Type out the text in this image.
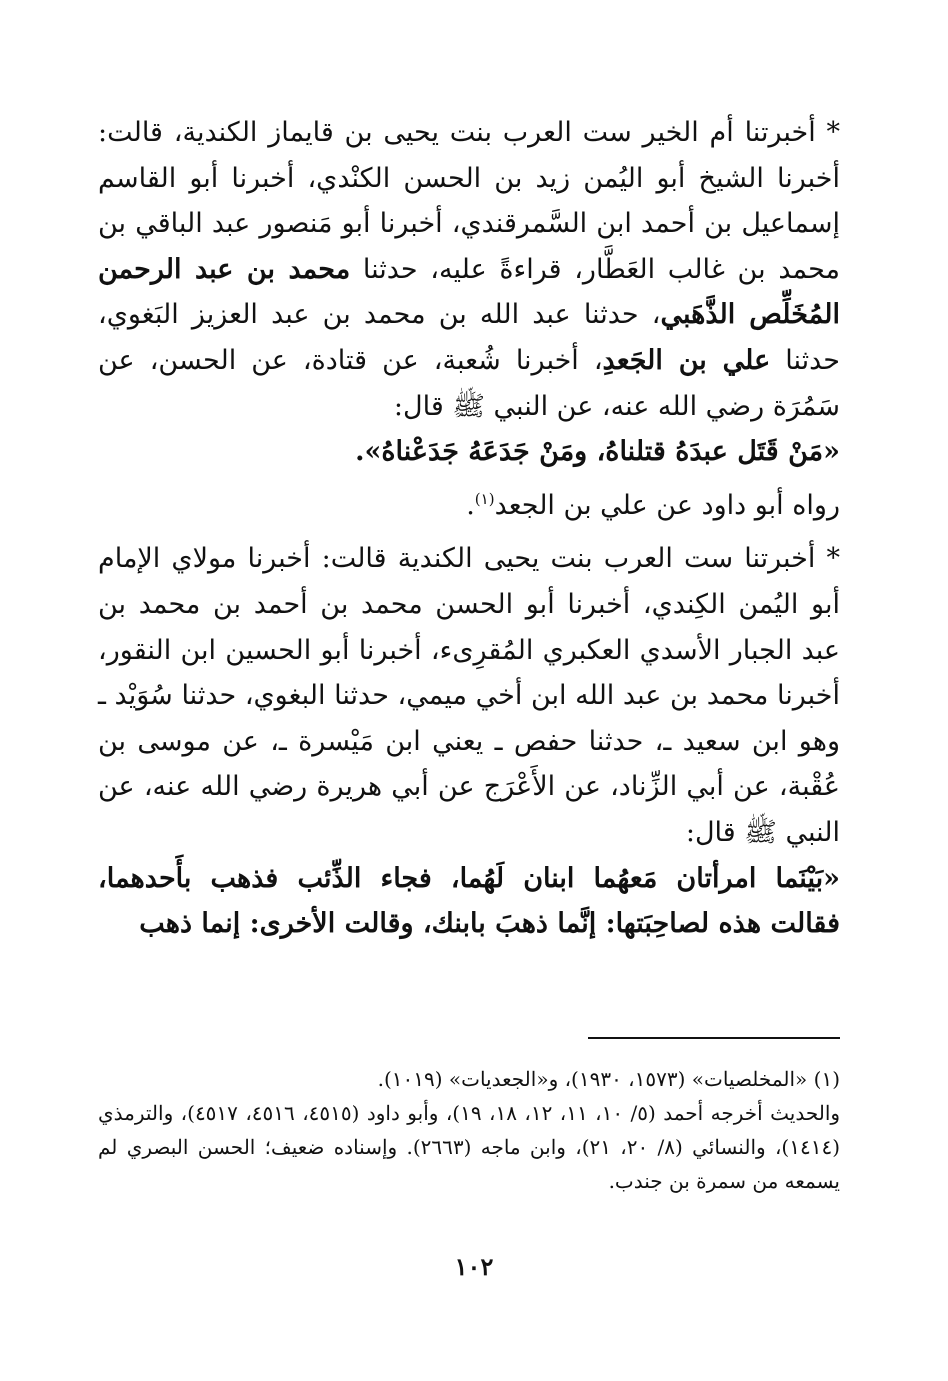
* أخبرتنا أم الخير ست العرب بنت يحيى بن قايماز الكندية، قالت: أخبرنا الشيخ أبو اليُمن زيد بن الحسن الكنْدي، أخبرنا أبو القاسم إسماعيل بن أحمد ابن السَّمرقندي، أخبرنا أبو مَنصور عبد الباقي بن محمد بن غالب العَطَّار، قراءةً عليه، حدثنا محمد بن عبد الرحمن المُخَلِّص الذَّهَبي، حدثنا عبد الله بن محمد بن عبد العزيز البَغوي، حدثنا علي بن الجَعدِ، أخبرنا شُعبة، عن قتادة، عن الحسن، عن سَمُرَة رضي الله عنه، عن النبي ﷺ قال:

«مَنْ قَتَل عبدَهُ قتلناهُ، ومَنْ جَدَعَهُ جَدَعْناهُ».

رواه أبو داود عن علي بن الجعد$^{(١)}$.

* أخبرتنا ست العرب بنت يحيى الكندية قالت: أخبرنا مولاي الإمام أبو اليُمن الكِندي، أخبرنا أبو الحسن محمد بن أحمد بن محمد بن عبد الجبار الأسدي العكبري المُقرِىء، أخبرنا أبو الحسين ابن النقور، أخبرنا محمد بن عبد الله ابن أخي ميمي، حدثنا البغوي، حدثنا سُوَيْد ـ وهو ابن سعيد ـ، حدثنا حفص ـ يعني ابن مَيْسرة ـ، عن موسى بن عُقْبة، عن أبي الزِّناد، عن الأَعْرَج عن أبي هريرة رضي الله عنه، عن النبي ﷺ قال:

«بَيْنَما امرأتان مَعهُما ابنان لَهُما، فجاء الذِّئب فذهب بأَحدهما، فقالت هذه لصاحِبَتها: إنَّما ذهبَ بابنك، وقالت الأخرى: إنما ذهب

(١) «المخلصيات» (١٥٧٣، ١٩٣٠)، و«الجعديات» (١٠١٩).

والحديث أخرجه أحمد (٥/ ١٠، ١١، ١٢، ١٨، ١٩)، وأبو داود (٤٥١٥، ٤٥١٦، ٤٥١٧)، والترمذي (١٤١٤)، والنسائي (٨/ ٢٠، ٢١)، وابن ماجه (٢٦٦٣). وإسناده ضعيف؛ الحسن البصري لم يسمعه من سمرة بن جندب.

١٠٢
